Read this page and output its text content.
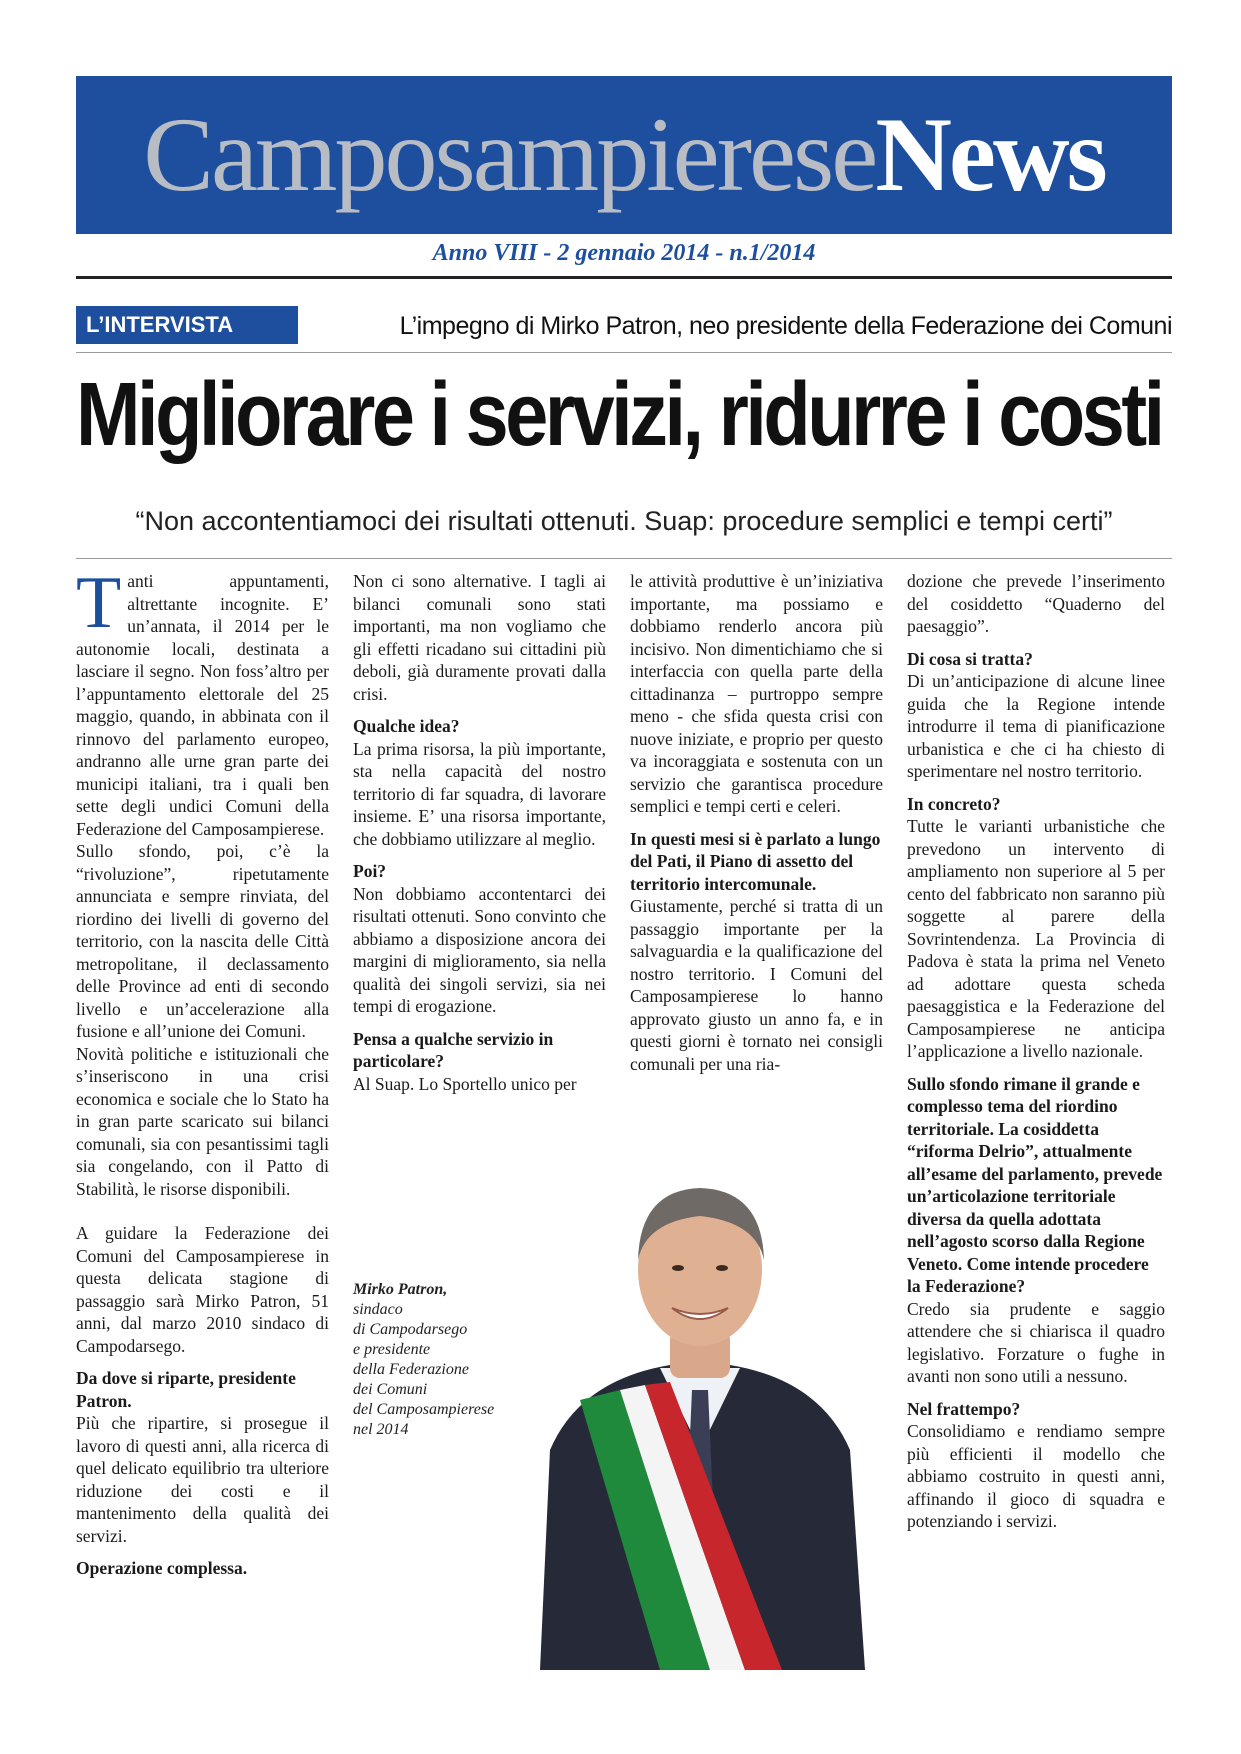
Camposampierese News
Anno VIII - 2 gennaio 2014 - n.1/2014
L’INTERVISTA	L’impegno di Mirko Patron, neo presidente della Federazione dei Comuni
Migliorare i servizi, ridurre i costi
“Non accontentiamoci dei risultati ottenuti. Suap: procedure semplici e tempi certi”

Tanti appuntamenti, altrettante incognite. E’ un’annata, il 2014 per le autonomie locali, destinata a lasciare il segno. Non foss’altro per l’appuntamento elettorale del 25 maggio, quando, in abbinata con il rinnovo del parlamento europeo, andranno alle urne gran parte dei municipi italiani, tra i quali ben sette degli undici Comuni della Federazione del Camposampierese.

Sullo sfondo, poi, c’è la “rivoluzione”, ripetutamente annunciata e sempre rinviata, del riordino dei livelli di governo del territorio, con la nascita delle Città metropolitane, il declassamento delle Province ad enti di secondo livello e un’accelerazione alla fusione e all’unione dei Comuni.

Novità politiche e istituzionali che s’inseriscono in una crisi economica e sociale che lo Stato ha in gran parte scaricato sui bilanci comunali, sia con pesantissimi tagli sia congelando, con il Patto di Stabilità, le risorse disponibili.

A guidare la Federazione dei Comuni del Camposampierese in questa delicata stagione di passaggio sarà Mirko Patron, 51 anni, dal marzo 2010 sindaco di Campodarsego.

Da dove si riparte, presidente Patron.

Più che ripartire, si prosegue il lavoro di questi anni, alla ricerca di quel delicato equilibrio tra ulteriore riduzione dei costi e il mantenimento della qualità dei servizi.

Operazione complessa.

Non ci sono alternative. I tagli ai bilanci comunali sono stati importanti, ma non vogliamo che gli effetti ricadano sui cittadini più deboli, già duramente provati dalla crisi.

Qualche idea?

La prima risorsa, la più importante, sta nella capacità del nostro territorio di far squadra, di lavorare insieme. E’ una risorsa importante, che dobbiamo utilizzare al meglio.

Poi?

Non dobbiamo accontentarci dei risultati ottenuti. Sono convinto che abbiamo a disposizione ancora dei margini di miglioramento, sia nella qualità dei singoli servizi, sia nei tempi di erogazione.

Pensa a qualche servizio in particolare?

Al Suap. Lo Sportello unico per

le attività produttive è un’iniziativa importante, ma possiamo e dobbiamo renderlo ancora più incisivo. Non dimentichiamo che si interfaccia con quella parte della cittadinanza – purtroppo sempre meno - che sfida questa crisi con nuove iniziate, e proprio per questo va incoraggiata e sostenuta con un servizio che garantisca procedure semplici e tempi certi e celeri.

In questi mesi si è parlato a lungo del Pati, il Piano di assetto del territorio intercomunale.

Giustamente, perché si tratta di un passaggio importante per la salvaguardia e la qualificazione del nostro territorio. I Comuni del Camposampierese lo hanno approvato giusto un anno fa, e in questi giorni è tornato nei consigli comunali per una ria-

dozione che prevede l’inserimento del cosiddetto “Quaderno del paesaggio”.

Di cosa si tratta?

Di un’anticipazione di alcune linee guida che la Regione intende introdurre il tema di pianificazione urbanistica e che ci ha chiesto di sperimentare nel nostro territorio.

In concreto?

Tutte le varianti urbanistiche che prevedono un intervento di ampliamento non superiore al 5 per cento del fabbricato non saranno più soggette al parere della Sovrintendenza. La Provincia di Padova è stata la prima nel Veneto ad adottare questa scheda paesaggistica e la Federazione del Camposampierese ne anticipa l’applicazione a livello nazionale.

Sullo sfondo rimane il grande e complesso tema del riordino territoriale. La cosiddetta “riforma Delrio”, attualmente all’esame del parlamento, prevede un’articolazione territoriale diversa da quella adottata nell’agosto scorso dalla Regione Veneto. Come intende procedere la Federazione?

Credo sia prudente e saggio attendere che si chiarisca il quadro legislativo. Forzature o fughe in avanti non sono utili a nessuno.

Nel frattempo?

Consolidiamo e rendiamo sempre più efficienti il modello che abbiamo costruito in questi anni, affinando il gioco di squadra e potenziando i servizi.

Mirko Patron,
sindaco
di Campodarsego
e presidente
della Federazione
dei Comuni
del Camposampierese
nel 2014
